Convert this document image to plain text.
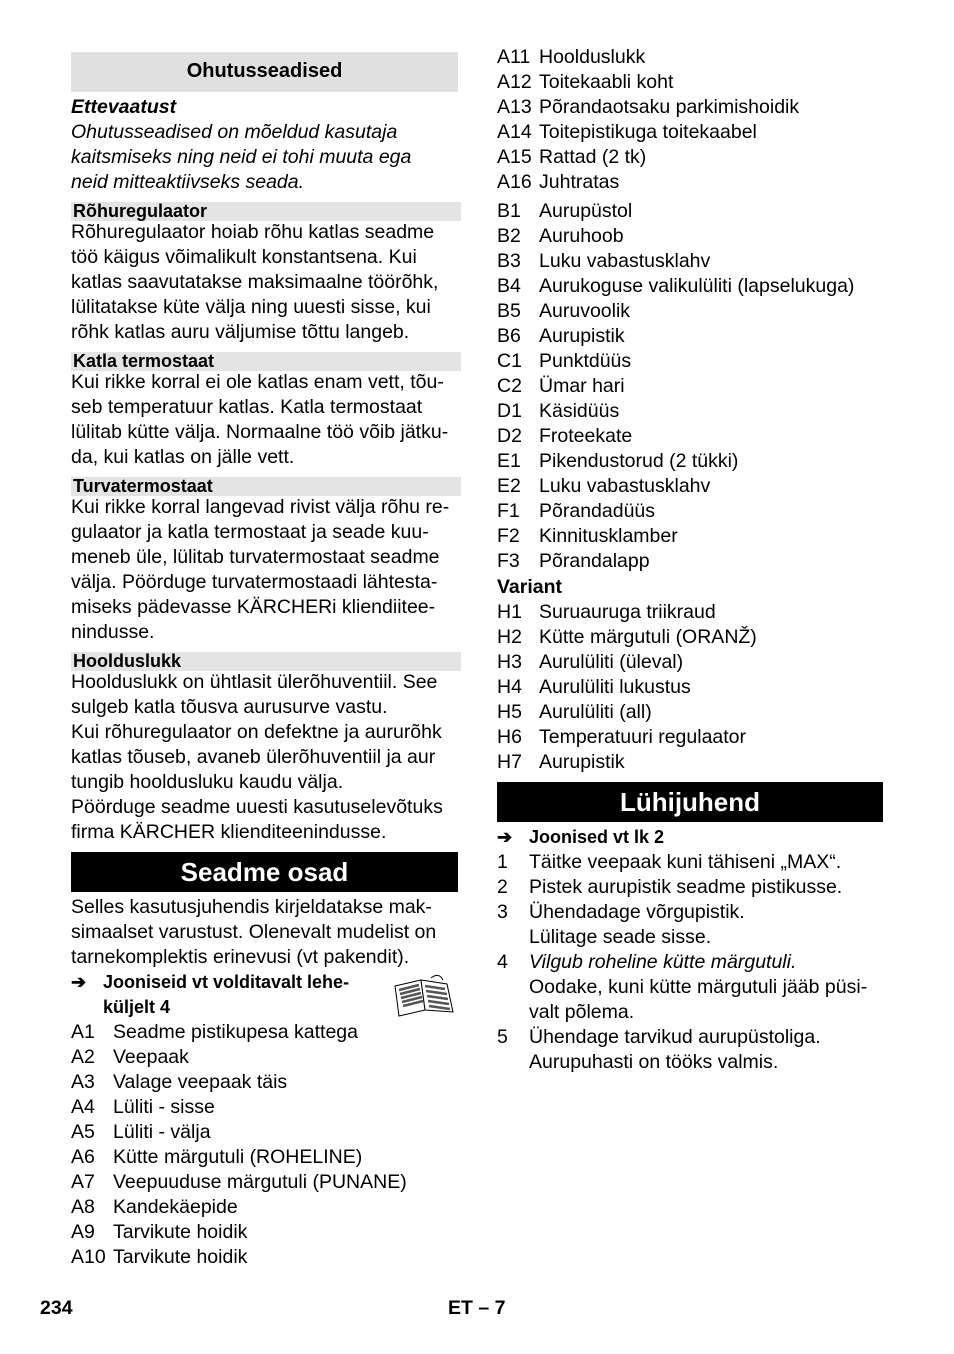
Ohutusseadised
Ettevaatust
Ohutusseadised on mõeldud kasutaja
kaitsmiseks ning neid ei tohi muuta ega
neid mitteaktiivseks seada.
Rõhuregulaator
Rõhuregulaator hoiab rõhu katlas seadme
töö käigus võimalikult konstantsena. Kui
katlas saavutatakse maksimaalne töörõhk,
lülitatakse küte välja ning uuesti sisse, kui
rõhk katlas auru väljumise tõttu langeb.
Katla termostaat
Kui rikke korral ei ole katlas enam vett, tõu-
seb temperatuur katlas. Katla termostaat
lülitab kütte välja. Normaalne töö võib jätku-
da, kui katlas on jälle vett.
Turvatermostaat
Kui rikke korral langevad rivist välja rõhu re-
gulaator ja katla termostaat ja seade kuu-
meneb üle, lülitab turvatermostaat seadme
välja. Pöörduge turvatermostaadi lähtesta-
miseks pädevasse KÄRCHERi kliendiitee-
nindusse.
Hoolduslukk
Hoolduslukk on ühtlasit ülerõhuventiil. See
sulgeb katla tõusva aurusurve vastu.
Kui rõhuregulaator on defektne ja aururõhk
katlas tõuseb, avaneb ülerõhuventiil ja aur
tungib hooldusluku kaudu välja.
Pöörduge seadme uuesti kasutuselevõtuks
firma KÄRCHER klienditeenindusse.
Seadme osad
Selles kasutusjuhendis kirjeldatakse mak-
simaalset varustust. Olenevalt mudelist on
tarnekomplektis erinevusi (vt pakendit).
➔ Jooniseid vt volditavalt lehe-
küljelt 4
A1 Seadme pistikupesa kattega
A2 Veepaak
A3 Valage veepaak täis
A4 Lüliti - sisse
A5 Lüliti - välja
A6 Kütte märgutuli (ROHELINE)
A7 Veepuuduse märgutuli (PUNANE)
A8 Kandekäepide
A9 Tarvikute hoidik
A10 Tarvikute hoidik
A11 Hoolduslukk
A12 Toitekaabli koht
A13 Põrandaotsaku parkimishoidik
A14 Toitepistikuga toitekaabel
A15 Rattad (2 tk)
A16 Juhtratas
B1 Aurupüstol
B2 Auruhoob
B3 Luku vabastusklahv
B4 Aurukoguse valikulüliti (lapselukuga)
B5 Auruvoolik
B6 Aurupistik
C1 Punktdüüs
C2 Ümar hari
D1 Käsidüüs
D2 Froteekate
E1 Pikendustorud (2 tükki)
E2 Luku vabastusklahv
F1 Põrandadüüs
F2 Kinnitusklamber
F3 Põrandalapp
Variant
H1 Suruauruga triikraud
H2 Kütte märgutuli (ORANŽ)
H3 Aurulüliti (üleval)
H4 Aurulüliti lukustus
H5 Aurulüliti (all)
H6 Temperatuuri regulaator
H7 Aurupistik
Lühijuhend
➔ Joonised vt lk 2
1 Täitke veepaak kuni tähiseni „MAX“.
2 Pistek aurupistik seadme pistikusse.
3 Ühendadage võrgupistik.
Lülitage seade sisse.
4 Vilgub roheline kütte märgutuli.
Oodake, kuni kütte märgutuli jääb püsi-
valt põlema.
5 Ühendage tarvikud aurupüstoliga.
Aurupuhasti on tööks valmis.
234	ET – 7
